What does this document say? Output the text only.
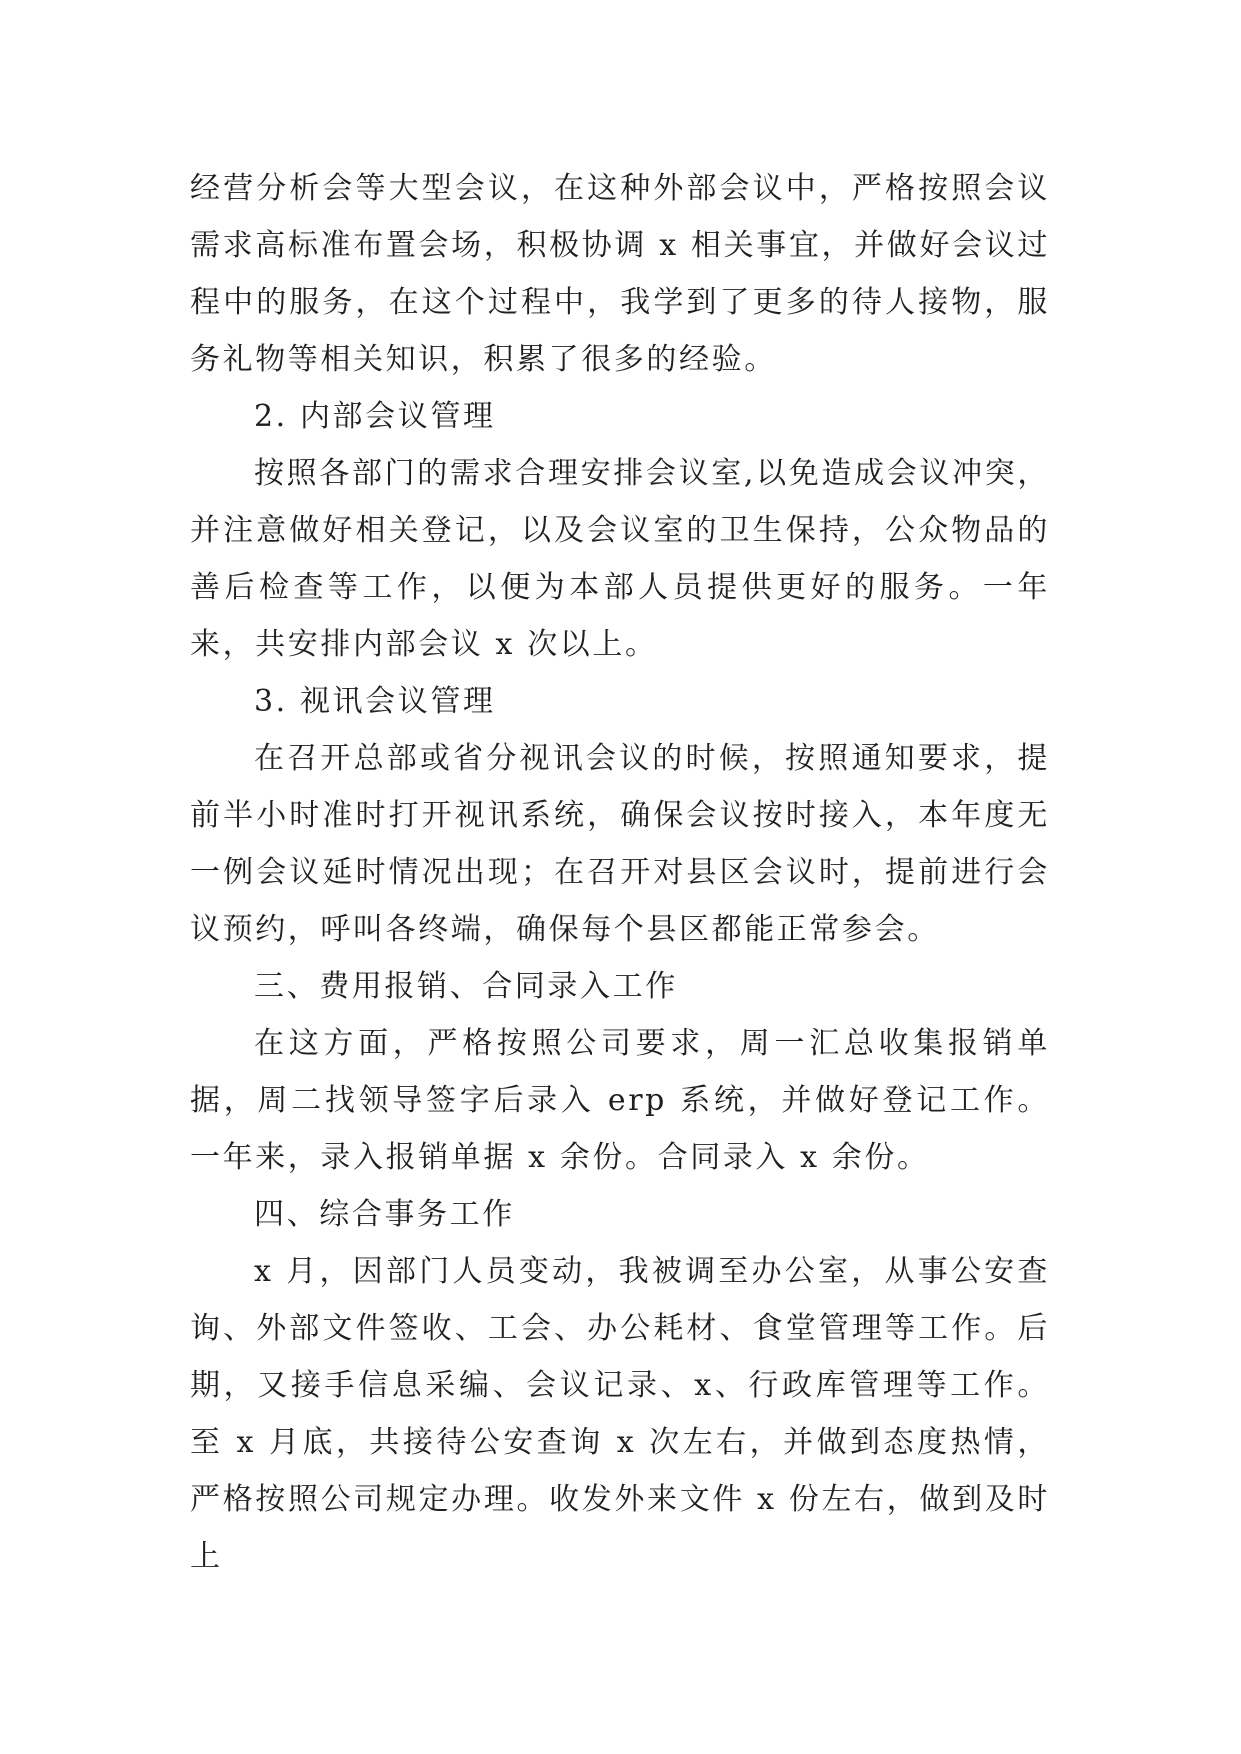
经营分析会等大型会议，在这种外部会议中，严格按照会议需求高标准布置会场，积极协调 x 相关事宜，并做好会议过程中的服务，在这个过程中，我学到了更多的待人接物，服务礼物等相关知识，积累了很多的经验。

2. 内部会议管理

按照各部门的需求合理安排会议室,以免造成会议冲突，并注意做好相关登记，以及会议室的卫生保持，公众物品的善后检查等工作，以便为本部人员提供更好的服务。一年来，共安排内部会议 x 次以上。

3. 视讯会议管理

在召开总部或省分视讯会议的时候，按照通知要求，提前半小时准时打开视讯系统，确保会议按时接入，本年度无一例会议延时情况出现；在召开对县区会议时，提前进行会议预约，呼叫各终端，确保每个县区都能正常参会。

三、费用报销、合同录入工作

在这方面，严格按照公司要求，周一汇总收集报销单据，周二找领导签字后录入 erp 系统，并做好登记工作。一年来，录入报销单据 x 余份。合同录入 x 余份。

四、综合事务工作

x 月，因部门人员变动，我被调至办公室，从事公安查询、外部文件签收、工会、办公耗材、食堂管理等工作。后期，又接手信息采编、会议记录、x、行政库管理等工作。至 x 月底，共接待公安查询 x 次左右，并做到态度热情，严格按照公司规定办理。收发外来文件 x 份左右，做到及时上
